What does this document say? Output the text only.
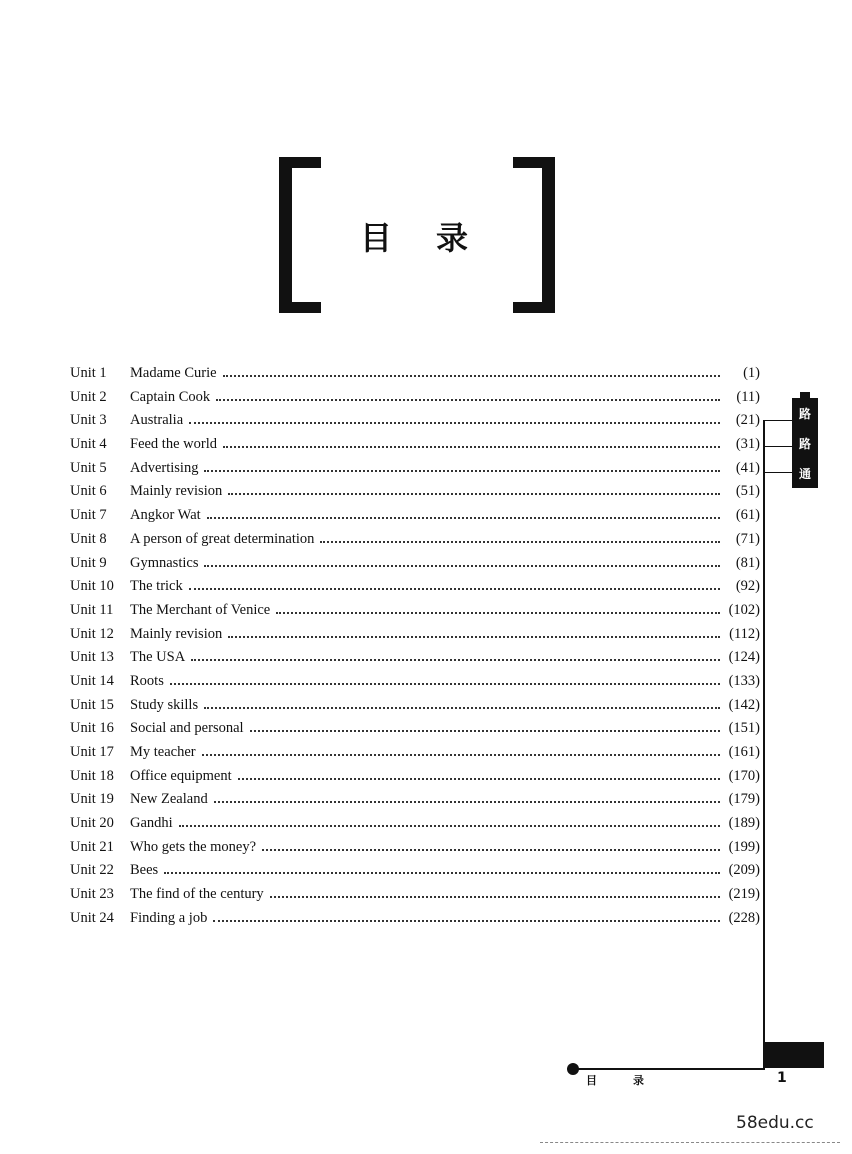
目录
Unit 1	Madame Curie	(1)
Unit 2	Captain Cook	(11)
Unit 3	Australia	(21)
Unit 4	Feed the world	(31)
Unit 5	Advertising	(41)
Unit 6	Mainly revision	(51)
Unit 7	Angkor Wat	(61)
Unit 8	A person of great determination	(71)
Unit 9	Gymnastics	(81)
Unit 10	The trick	(92)
Unit 11	The Merchant of Venice	(102)
Unit 12	Mainly revision	(112)
Unit 13	The USA	(124)
Unit 14	Roots	(133)
Unit 15	Study skills	(142)
Unit 16	Social and personal	(151)
Unit 17	My teacher	(161)
Unit 18	Office equipment	(170)
Unit 19	New Zealand	(179)
Unit 20	Gandhi	(189)
Unit 21	Who gets the money?	(199)
Unit 22	Bees	(209)
Unit 23	The find of the century	(219)
Unit 24	Finding a job	(228)
路
路
通
目录	1
58edu.cc
